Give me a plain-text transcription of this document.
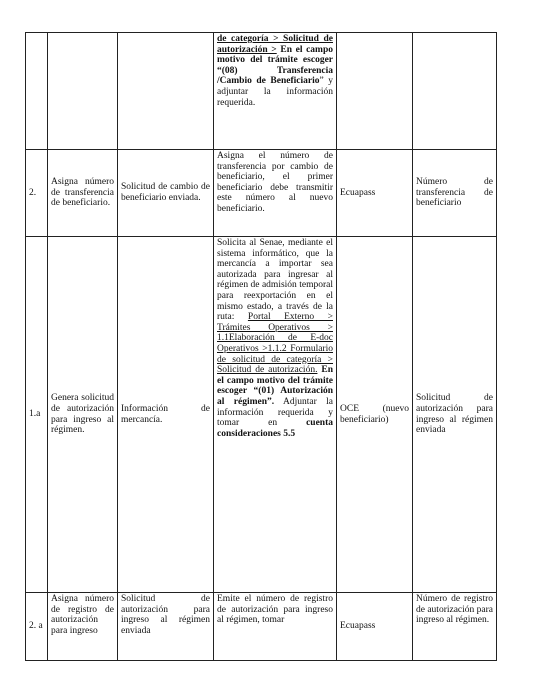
			de categoría > Solicitud de autorización > En el campo motivo del trámite escoger “(08) Transferencia /Cambio de Beneficiario” y adjuntar la información requerida.		
2.	Asigna número de transferencia de beneficiario.	Solicitud de cambio de beneficiario enviada.	Asigna el número de transferencia por cambio de beneficiario, el primer beneficiario debe transmitir este número al nuevo beneficiario.	Ecuapass	Número de transferencia de beneficiario
1.a	Genera solicitud de autorización para ingreso al régimen.	Información de mercancía.	Solicita al Senae, mediante el sistema informático, que la mercancía a importar sea autorizada para ingresar al régimen de admisión temporal para reexportación en el mismo estado, a través de la ruta: Portal Externo > Trámites Operativos > 1.1Elaboración de E-doc Operativos >1.1.2 Formulario de solicitud de categoría > Solicitud de autorización. En el campo motivo del trámite escoger “(01) Autorización al régimen”. Adjuntar la información requerida y tomar en cuenta consideraciones 5.5	OCE (nuevo beneficiario)	Solicitud de autorización para ingreso al régimen enviada
2. a	Asigna número de registro de autorización para ingreso	Solicitud de autorización para ingreso al régimen enviada	Emite el número de registro de autorización para ingreso al régimen, tomar	Ecuapass	Número de registro de autorización para ingreso al régimen.
